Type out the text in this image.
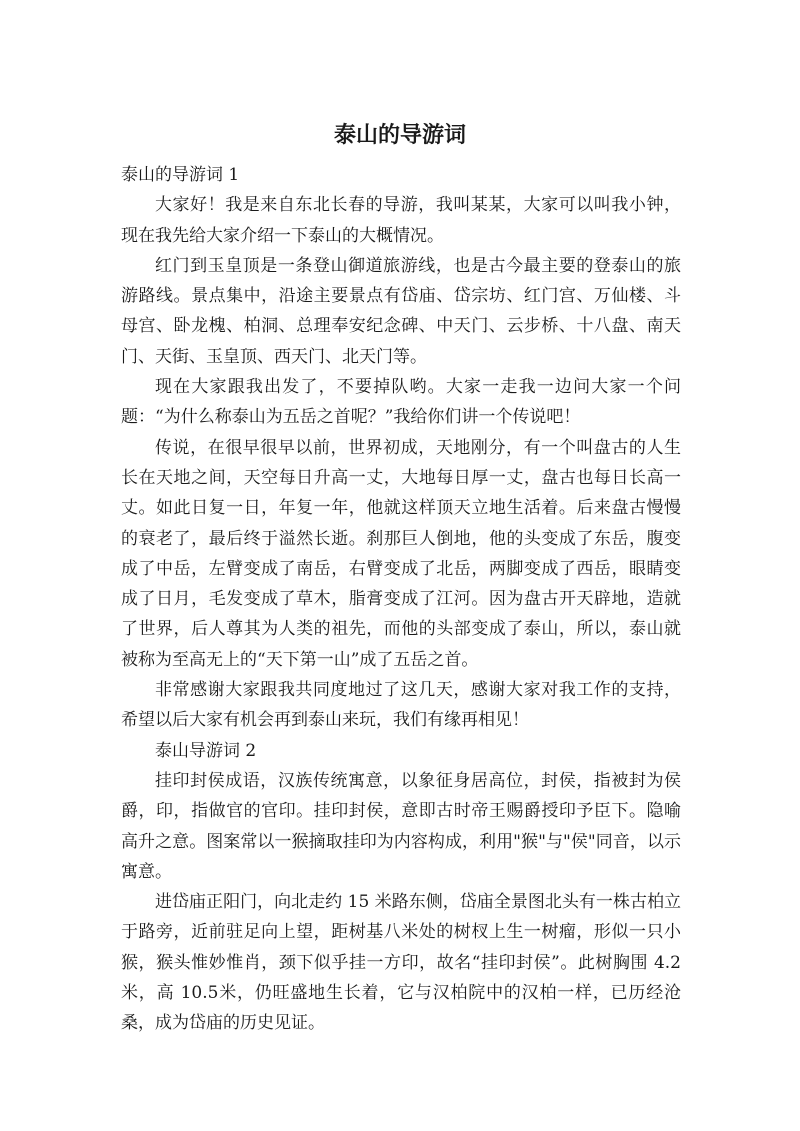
泰山的导游词

泰山的导游词 1

大家好！我是来自东北长春的导游，我叫某某，大家可以叫我小钟，现在我先给大家介绍一下泰山的大概情况。

红门到玉皇顶是一条登山御道旅游线，也是古今最主要的登泰山的旅游路线。景点集中，沿途主要景点有岱庙、岱宗坊、红门宫、万仙楼、斗母宫、卧龙槐、柏洞、总理奉安纪念碑、中天门、云步桥、十八盘、南天门、天街、玉皇顶、西天门、北天门等。

现在大家跟我出发了，不要掉队哟。大家一走我一边问大家一个问题：“为什么称泰山为五岳之首呢？”我给你们讲一个传说吧！

传说，在很早很早以前，世界初成，天地刚分，有一个叫盘古的人生长在天地之间，天空每日升高一丈，大地每日厚一丈，盘古也每日长高一丈。如此日复一日，年复一年，他就这样顶天立地生活着。后来盘古慢慢的衰老了，最后终于溢然长逝。刹那巨人倒地，他的头变成了东岳，腹变成了中岳，左臂变成了南岳，右臂变成了北岳，两脚变成了西岳，眼睛变成了日月，毛发变成了草木，脂膏变成了江河。因为盘古开天辟地，造就了世界，后人尊其为人类的祖先，而他的头部变成了泰山，所以，泰山就被称为至高无上的“天下第一山”成了五岳之首。

非常感谢大家跟我共同度地过了这几天，感谢大家对我工作的支持，希望以后大家有机会再到泰山来玩，我们有缘再相见！

泰山导游词 2

挂印封侯成语，汉族传统寓意，以象征身居高位，封侯，指被封为侯爵，印，指做官的官印。挂印封侯，意即古时帝王赐爵授印予臣下。隐喻高升之意。图案常以一猴摘取挂印为内容构成，利用"猴"与"侯"同音，以示寓意。

进岱庙正阳门，向北走约 15 米路东侧，岱庙全景图北头有一株古柏立于路旁，近前驻足向上望，距树基八米处的树杈上生一树瘤，形似一只小猴，猴头惟妙惟肖，颈下似乎挂一方印，故名“挂印封侯”。此树胸围 4.2 米，高 10.5米，仍旺盛地生长着，它与汉柏院中的汉柏一样，已历经沧桑，成为岱庙的历史见证。
